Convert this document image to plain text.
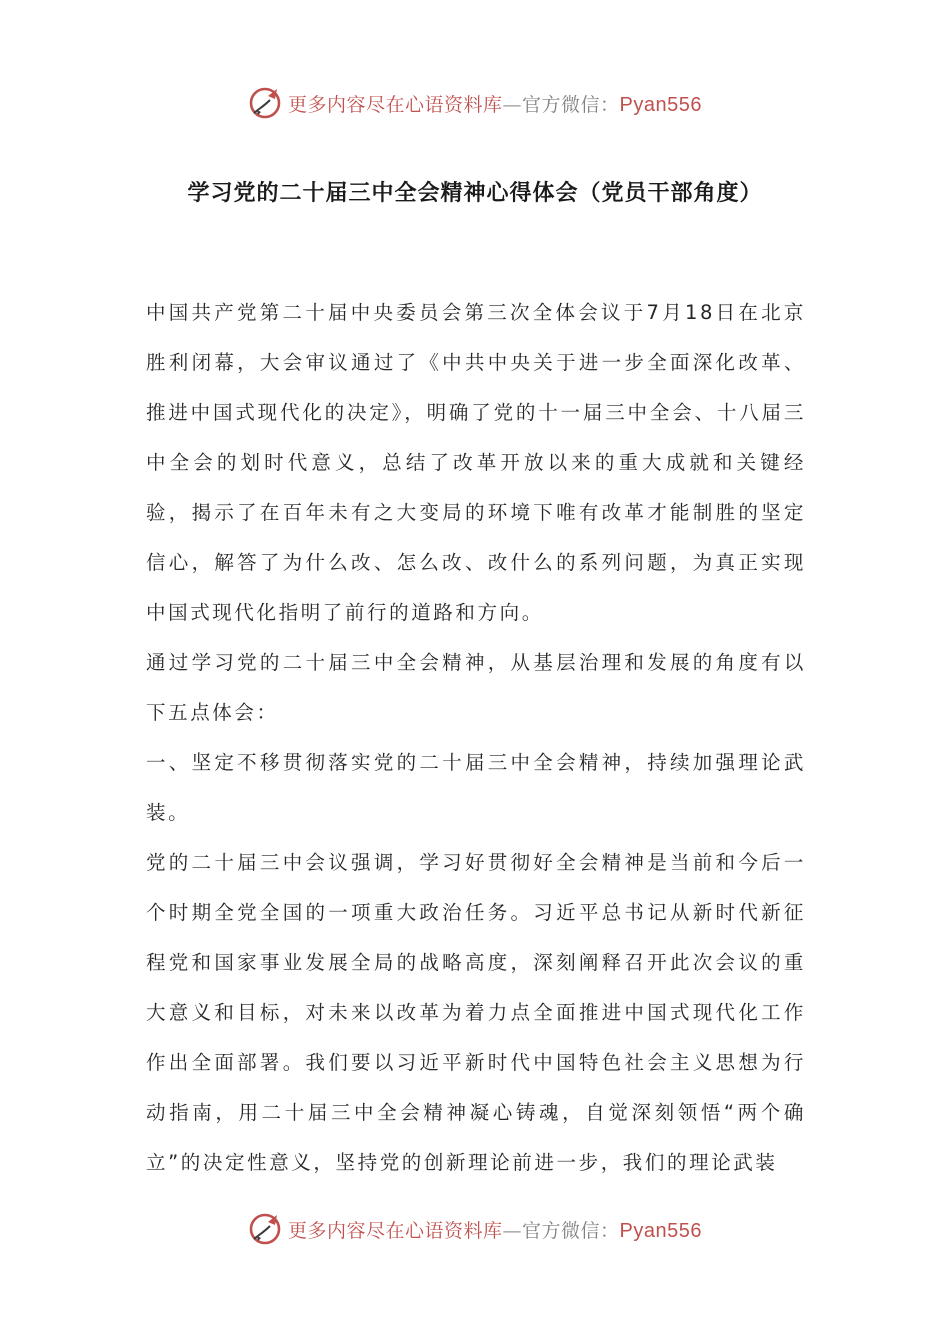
更多内容尽在心语资料库—官方微信：Pyan556
学习党的二十届三中全会精神心得体会（党员干部角度）

中国共产党第二十届中央委员会第三次全体会议于7月18日在北京胜利闭幕，大会审议通过了《中共中央关于进一步全面深化改革、推进中国式现代化的决定》，明确了党的十一届三中全会、十八届三中全会的划时代意义，总结了改革开放以来的重大成就和关键经验，揭示了在百年未有之大变局的环境下唯有改革才能制胜的坚定信心，解答了为什么改、怎么改、改什么的系列问题，为真正实现中国式现代化指明了前行的道路和方向。

通过学习党的二十届三中全会精神，从基层治理和发展的角度有以下五点体会：

一、坚定不移贯彻落实党的二十届三中全会精神，持续加强理论武装。

党的二十届三中会议强调，学习好贯彻好全会精神是当前和今后一个时期全党全国的一项重大政治任务。习近平总书记从新时代新征程党和国家事业发展全局的战略高度，深刻阐释召开此次会议的重大意义和目标，对未来以改革为着力点全面推进中国式现代化工作作出全面部署。我们要以习近平新时代中国特色社会主义思想为行动指南，用二十届三中全会精神凝心铸魂，自觉深刻领悟“两个确立”的决定性意义，坚持党的创新理论前进一步，我们的理论武装

更多内容尽在心语资料库—官方微信：Pyan556
